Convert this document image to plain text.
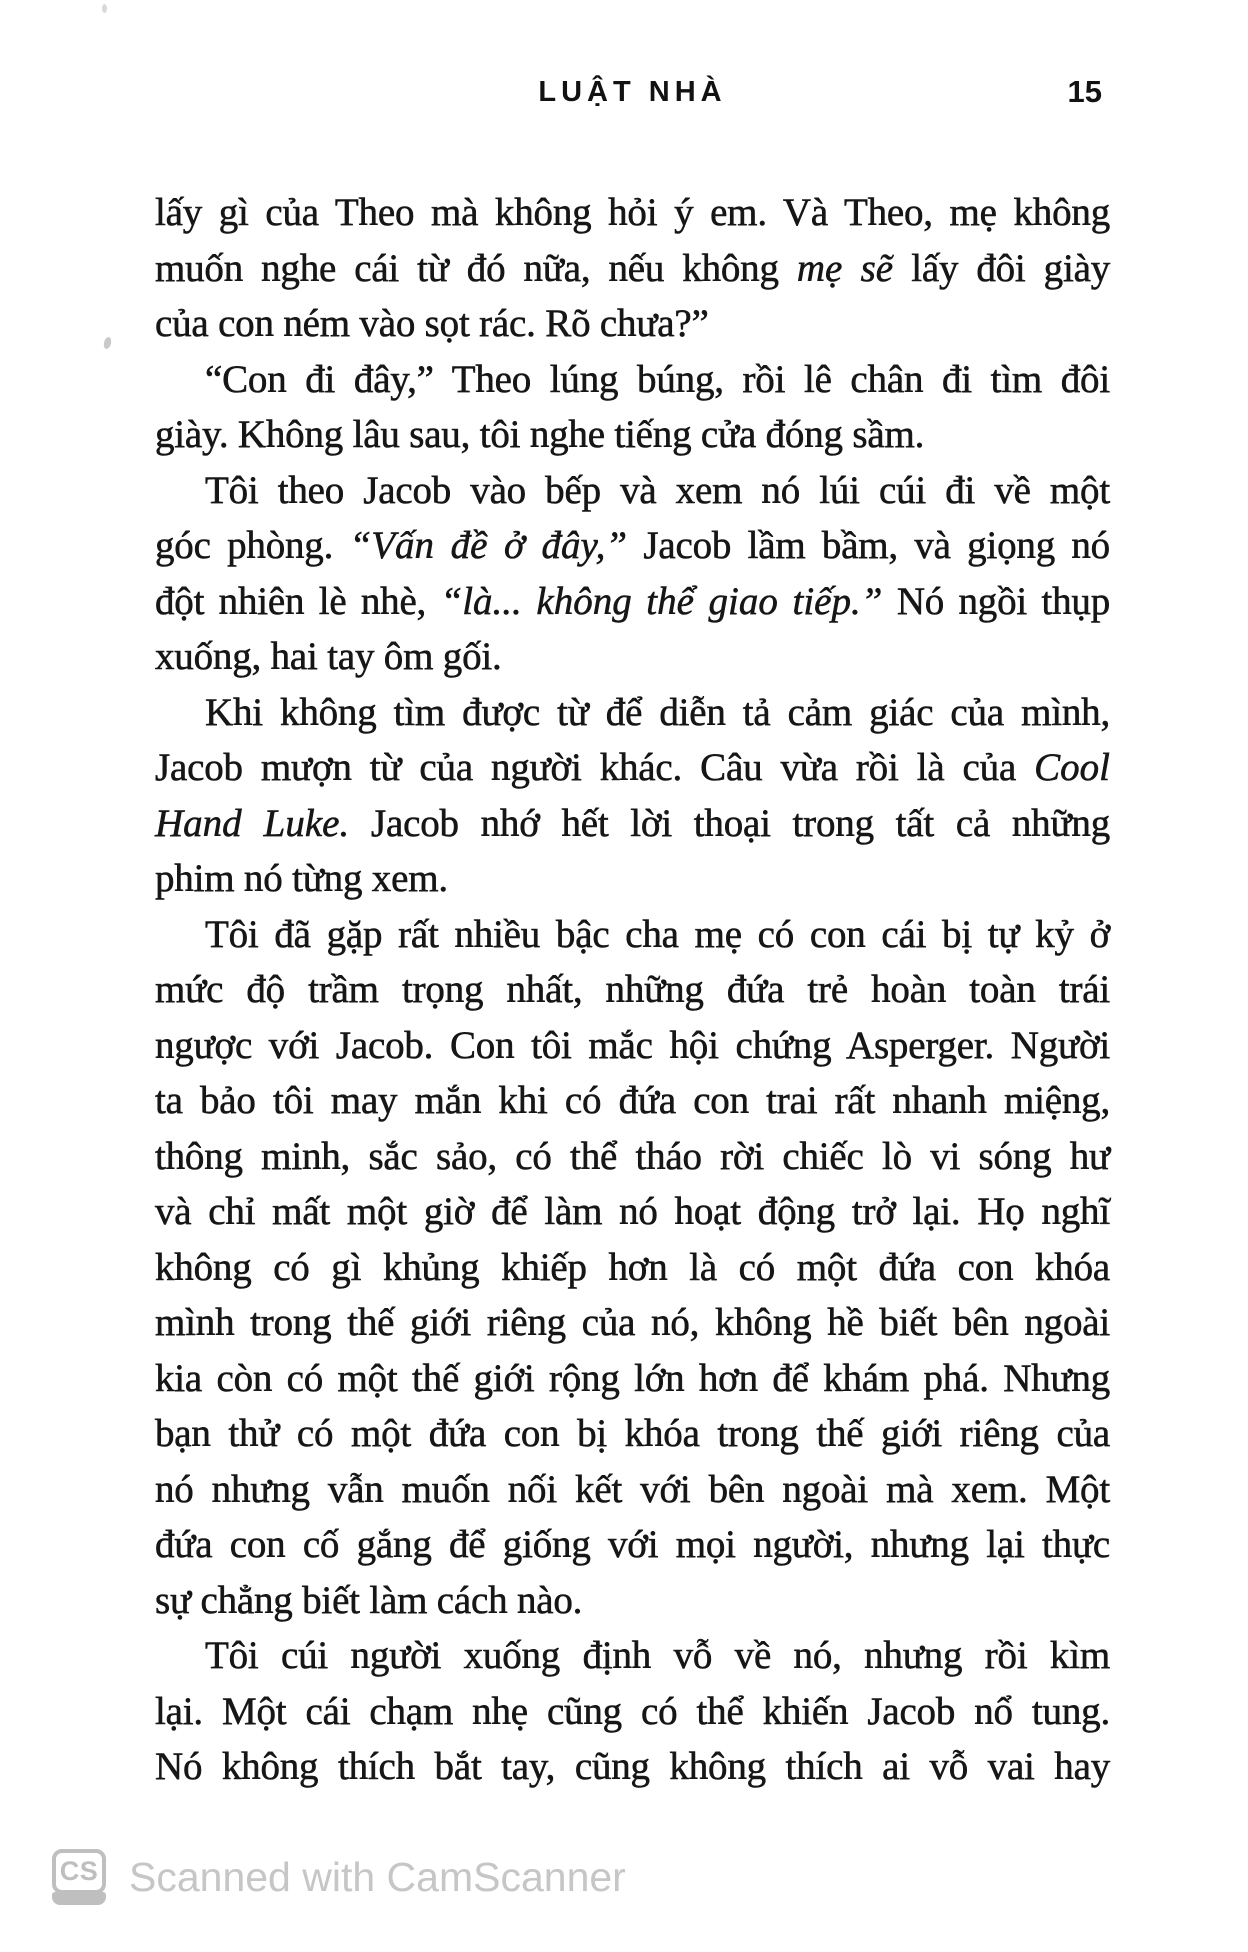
LUẬT NHÀ	15
lấy gì của Theo mà không hỏi ý em. Và Theo, mẹ không
muốn nghe cái từ đó nữa, nếu không mẹ sẽ lấy đôi giày
của con ném vào sọt rác. Rõ chưa?”
“Con đi đây,” Theo lúng búng, rồi lê chân đi tìm đôi
giày. Không lâu sau, tôi nghe tiếng cửa đóng sầm.
Tôi theo Jacob vào bếp và xem nó lúi cúi đi về một
góc phòng. “Vấn đề ở đây,” Jacob lầm bầm, và giọng nó
đột nhiên lè nhè, “là... không thể giao tiếp.” Nó ngồi thụp
xuống, hai tay ôm gối.
Khi không tìm được từ để diễn tả cảm giác của mình,
Jacob mượn từ của người khác. Câu vừa rồi là của Cool
Hand Luke. Jacob nhớ hết lời thoại trong tất cả những
phim nó từng xem.
Tôi đã gặp rất nhiều bậc cha mẹ có con cái bị tự kỷ ở
mức độ trầm trọng nhất, những đứa trẻ hoàn toàn trái
ngược với Jacob. Con tôi mắc hội chứng Asperger. Người
ta bảo tôi may mắn khi có đứa con trai rất nhanh miệng,
thông minh, sắc sảo, có thể tháo rời chiếc lò vi sóng hư
và chỉ mất một giờ để làm nó hoạt động trở lại. Họ nghĩ
không có gì khủng khiếp hơn là có một đứa con khóa
mình trong thế giới riêng của nó, không hề biết bên ngoài
kia còn có một thế giới rộng lớn hơn để khám phá. Nhưng
bạn thử có một đứa con bị khóa trong thế giới riêng của
nó nhưng vẫn muốn nối kết với bên ngoài mà xem. Một
đứa con cố gắng để giống với mọi người, nhưng lại thực
sự chẳng biết làm cách nào.
Tôi cúi người xuống định vỗ về nó, nhưng rồi kìm
lại. Một cái chạm nhẹ cũng có thể khiến Jacob nổ tung.
Nó không thích bắt tay, cũng không thích ai vỗ vai hay
CS Scanned with CamScanner
